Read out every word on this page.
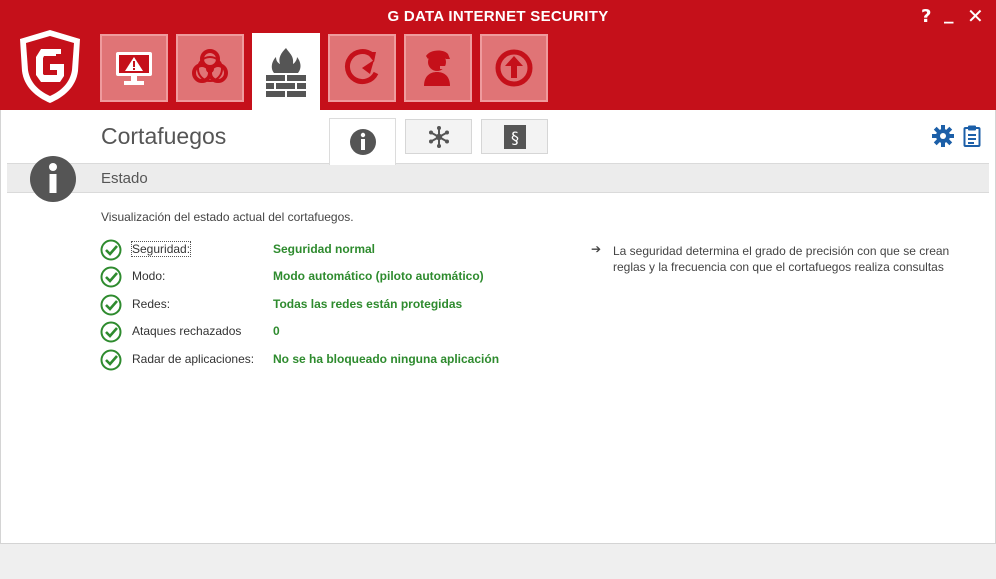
G DATA INTERNET SECURITY	? _ ✕
Cortafuegos	§
Estado
Visualización del estado actual del cortafuegos.
Seguridad:	Seguridad normal
Modo:	Modo automático (piloto automático)
Redes:	Todas las redes están protegidas
Ataques rechazados	0
Radar de aplicaciones: No se ha bloqueado ninguna aplicación
➔ La seguridad determina el grado de precisión con que se crean reglas y la frecuencia con que el cortafuegos realiza consultas
